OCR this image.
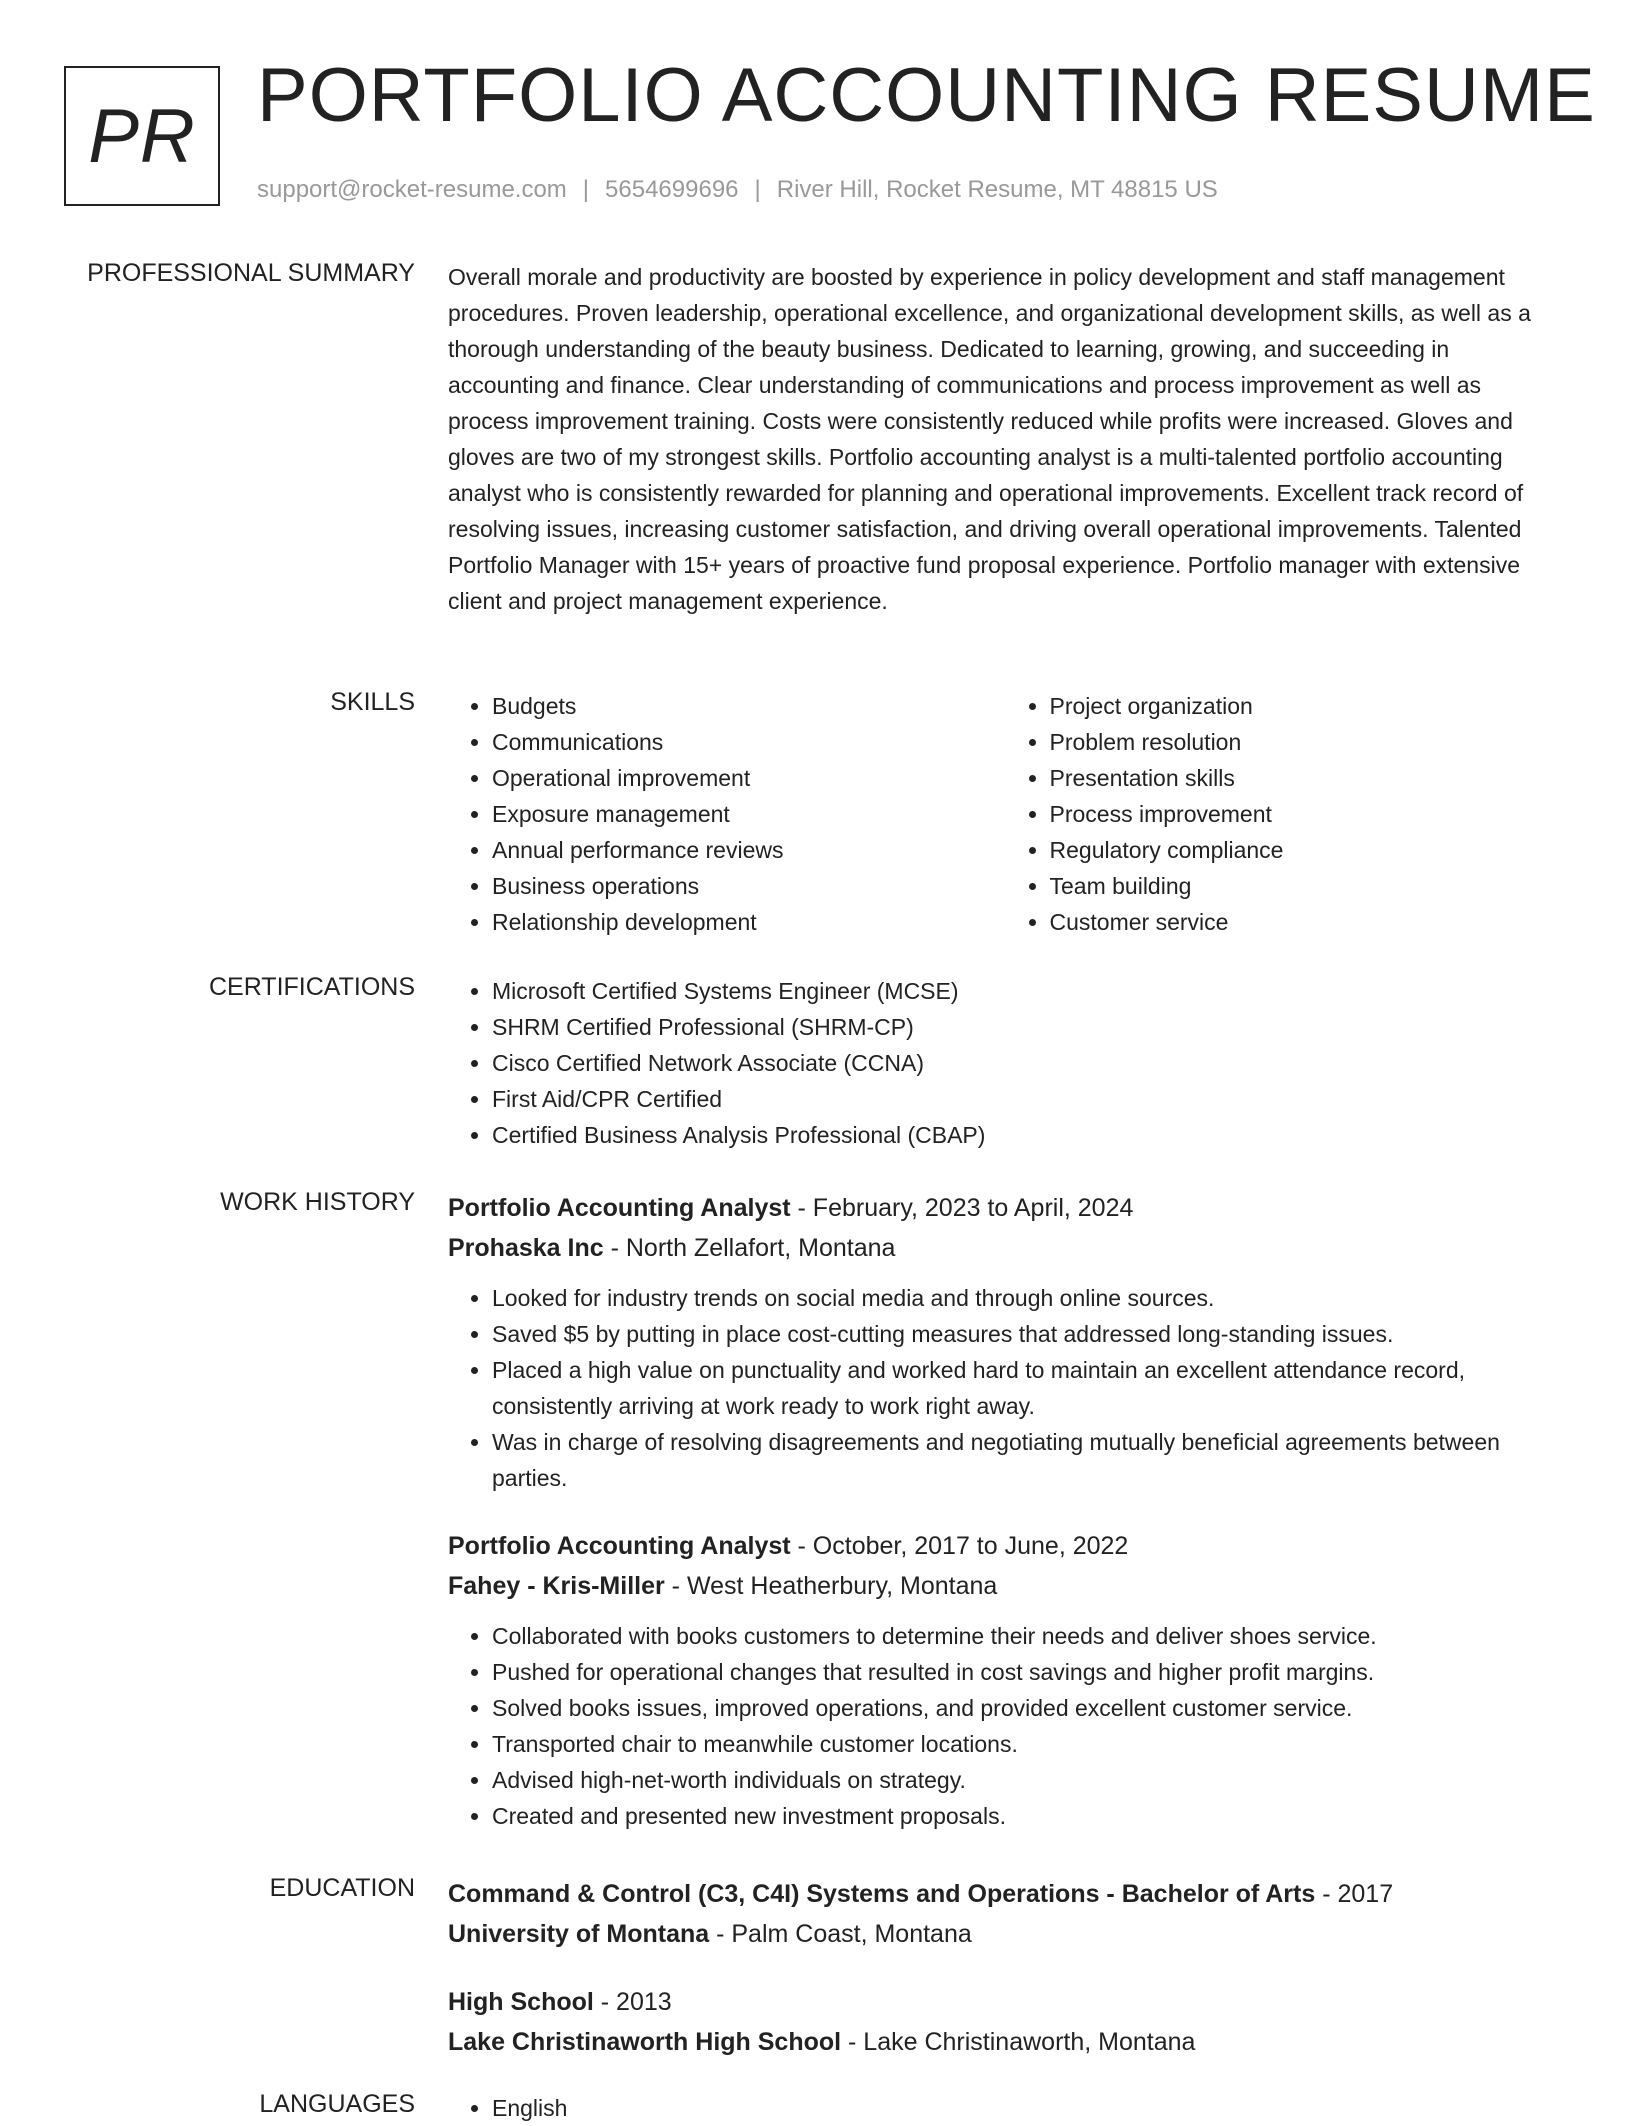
PR PORTFOLIO ACCOUNTING RESUME
support@rocket-resume.com | 5654699696 | River Hill, Rocket Resume, MT 48815 US
PROFESSIONAL SUMMARY Overall morale and productivity are boosted by experience in policy development and staff management procedures. Proven leadership, operational excellence, and organizational development skills, as well as a thorough understanding of the beauty business. Dedicated to learning, growing, and succeeding in accounting and finance. Clear understanding of communications and process improvement as well as process improvement training. Costs were consistently reduced while profits were increased. Gloves and gloves are two of my strongest skills. Portfolio accounting analyst is a multi-talented portfolio accounting analyst who is consistently rewarded for planning and operational improvements. Excellent track record of resolving issues, increasing customer satisfaction, and driving overall operational improvements. Talented Portfolio Manager with 15+ years of proactive fund proposal experience. Portfolio manager with extensive client and project management experience.

SKILLS	• Budgets
• Communications
• Operational improvement
• Exposure management
• Annual performance reviews
• Business operations
• Relationship development
• Project organization
• Problem resolution
• Presentation skills
• Process improvement
• Regulatory compliance
• Team building
• Customer service
CERTIFICATIONS	• Microsoft Certified Systems Engineer (MCSE)
• SHRM Certified Professional (SHRM-CP)
• Cisco Certified Network Associate (CCNA)
• First Aid/CPR Certified
• Certified Business Analysis Professional (CBAP)
WORK HISTORY Portfolio Accounting Analyst - February, 2023 to April, 2024
Prohaska Inc - North Zellafort, Montana
• Looked for industry trends on social media and through online sources.
• Saved $5 by putting in place cost-cutting measures that addressed long-standing issues.
• Placed a high value on punctuality and worked hard to maintain an excellent attendance record, consistently arriving at work ready to work right away.
• Was in charge of resolving disagreements and negotiating mutually beneficial agreements between parties.
Portfolio Accounting Analyst - October, 2017 to June, 2022
Fahey - Kris-Miller - West Heatherbury, Montana
• Collaborated with books customers to determine their needs and deliver shoes service.
• Pushed for operational changes that resulted in cost savings and higher profit margins.
• Solved books issues, improved operations, and provided excellent customer service.
• Transported chair to meanwhile customer locations.
• Advised high-net-worth individuals on strategy.
• Created and presented new investment proposals.
EDUCATION Command & Control (C3, C4I) Systems and Operations - Bachelor of Arts - 2017
University of Montana - Palm Coast, Montana
High School - 2013
Lake Christinaworth High School - Lake Christinaworth, Montana
LANGUAGES	• English
